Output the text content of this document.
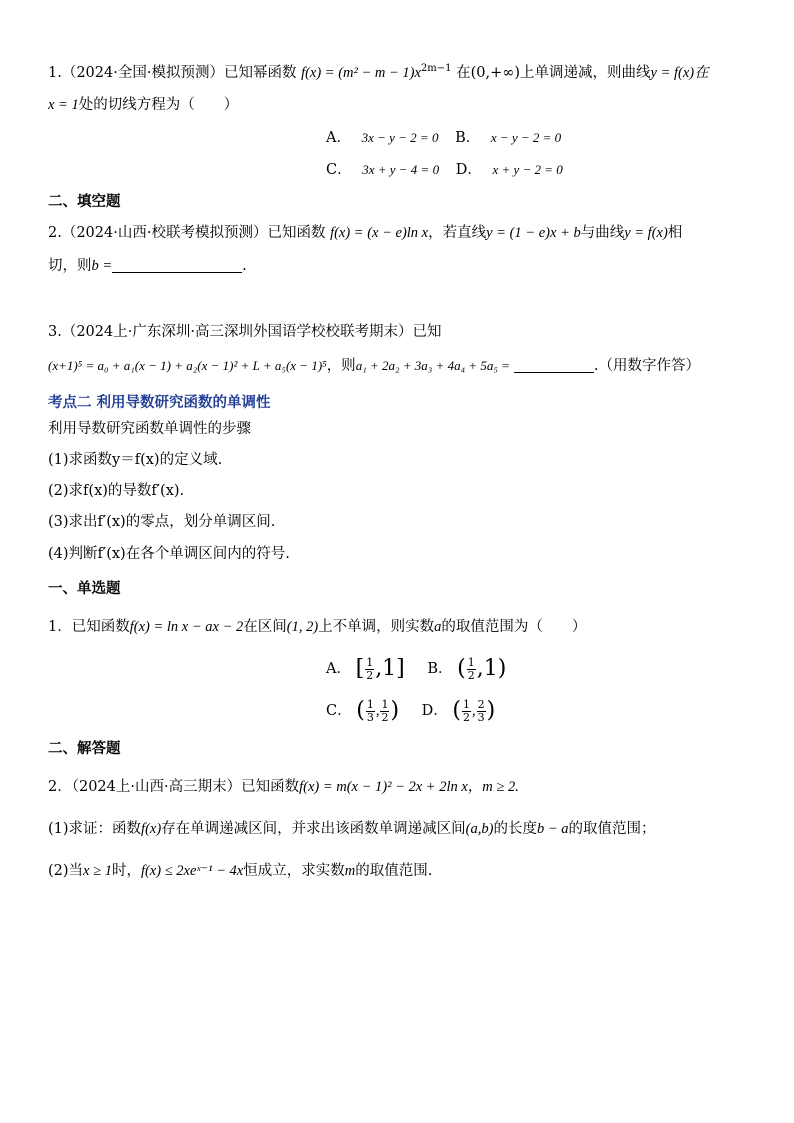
1.（2024·全国·模拟预测）已知幂函数 $f(x) = (m^2 - m - 1)x^{2m-1}$ 在(0,+∞)上单调递减，则曲线y = f(x)在
x = 1处的切线方程为（　　）
A． 3x − y − 2 = 0 B． x − y − 2 = 0
C． 3x + y − 4 = 0 D． x + y − 2 = 0
二、填空题
2.（2024·山西·校联考模拟预测）已知函数 f(x) = (x − e)ln x，若直线y = (1 − e)x + b与曲线y = f(x)相
切，则b =	.
3.（2024上·广东深圳·高三深圳外国语学校校联考期末）已知
(x+1)⁵ = a₀ + a₁(x − 1) + a₂(x − 1)² + L + a₅(x − 1)⁵，则a₁ + 2a₂ + 3a₃ + 4a₄ + 5a₅ =	.（用数字作答）
考点二 利用导数研究函数的单调性
利用导数研究函数单调性的步骤
(1)求函数y＝f(x)的定义域.
(2)求f(x)的导数f′(x).
(3)求出f′(x)的零点，划分单调区间.
(4)判断f′(x)在各个单调区间内的符号.
一、单选题
1．已知函数f(x) = ln x − ax − 2在区间(1, 2)上不单调，则实数a的取值范围为（　　）
A． [ $\frac{1}{2} ,1$] B． ( $\frac{1}{2} ,1$)
C． ( $\frac{1}{3}$ , $\frac{1}{2}$ ) D． ( $\frac{1}{2}$ , $\frac{2}{3}$ )
二、解答题
2．（2024上·山西·高三期末）已知函数f(x) = m(x − 1)² − 2x + 2ln x，m ≥ 2.
(1)求证：函数f(x)存在单调递减区间，并求出该函数单调递减区间(a,b)的长度b − a的取值范围；
(2)当x ≥ 1时，f(x) ≤ 2xeˣ⁻¹ − 4x恒成立，求实数m的取值范围.
